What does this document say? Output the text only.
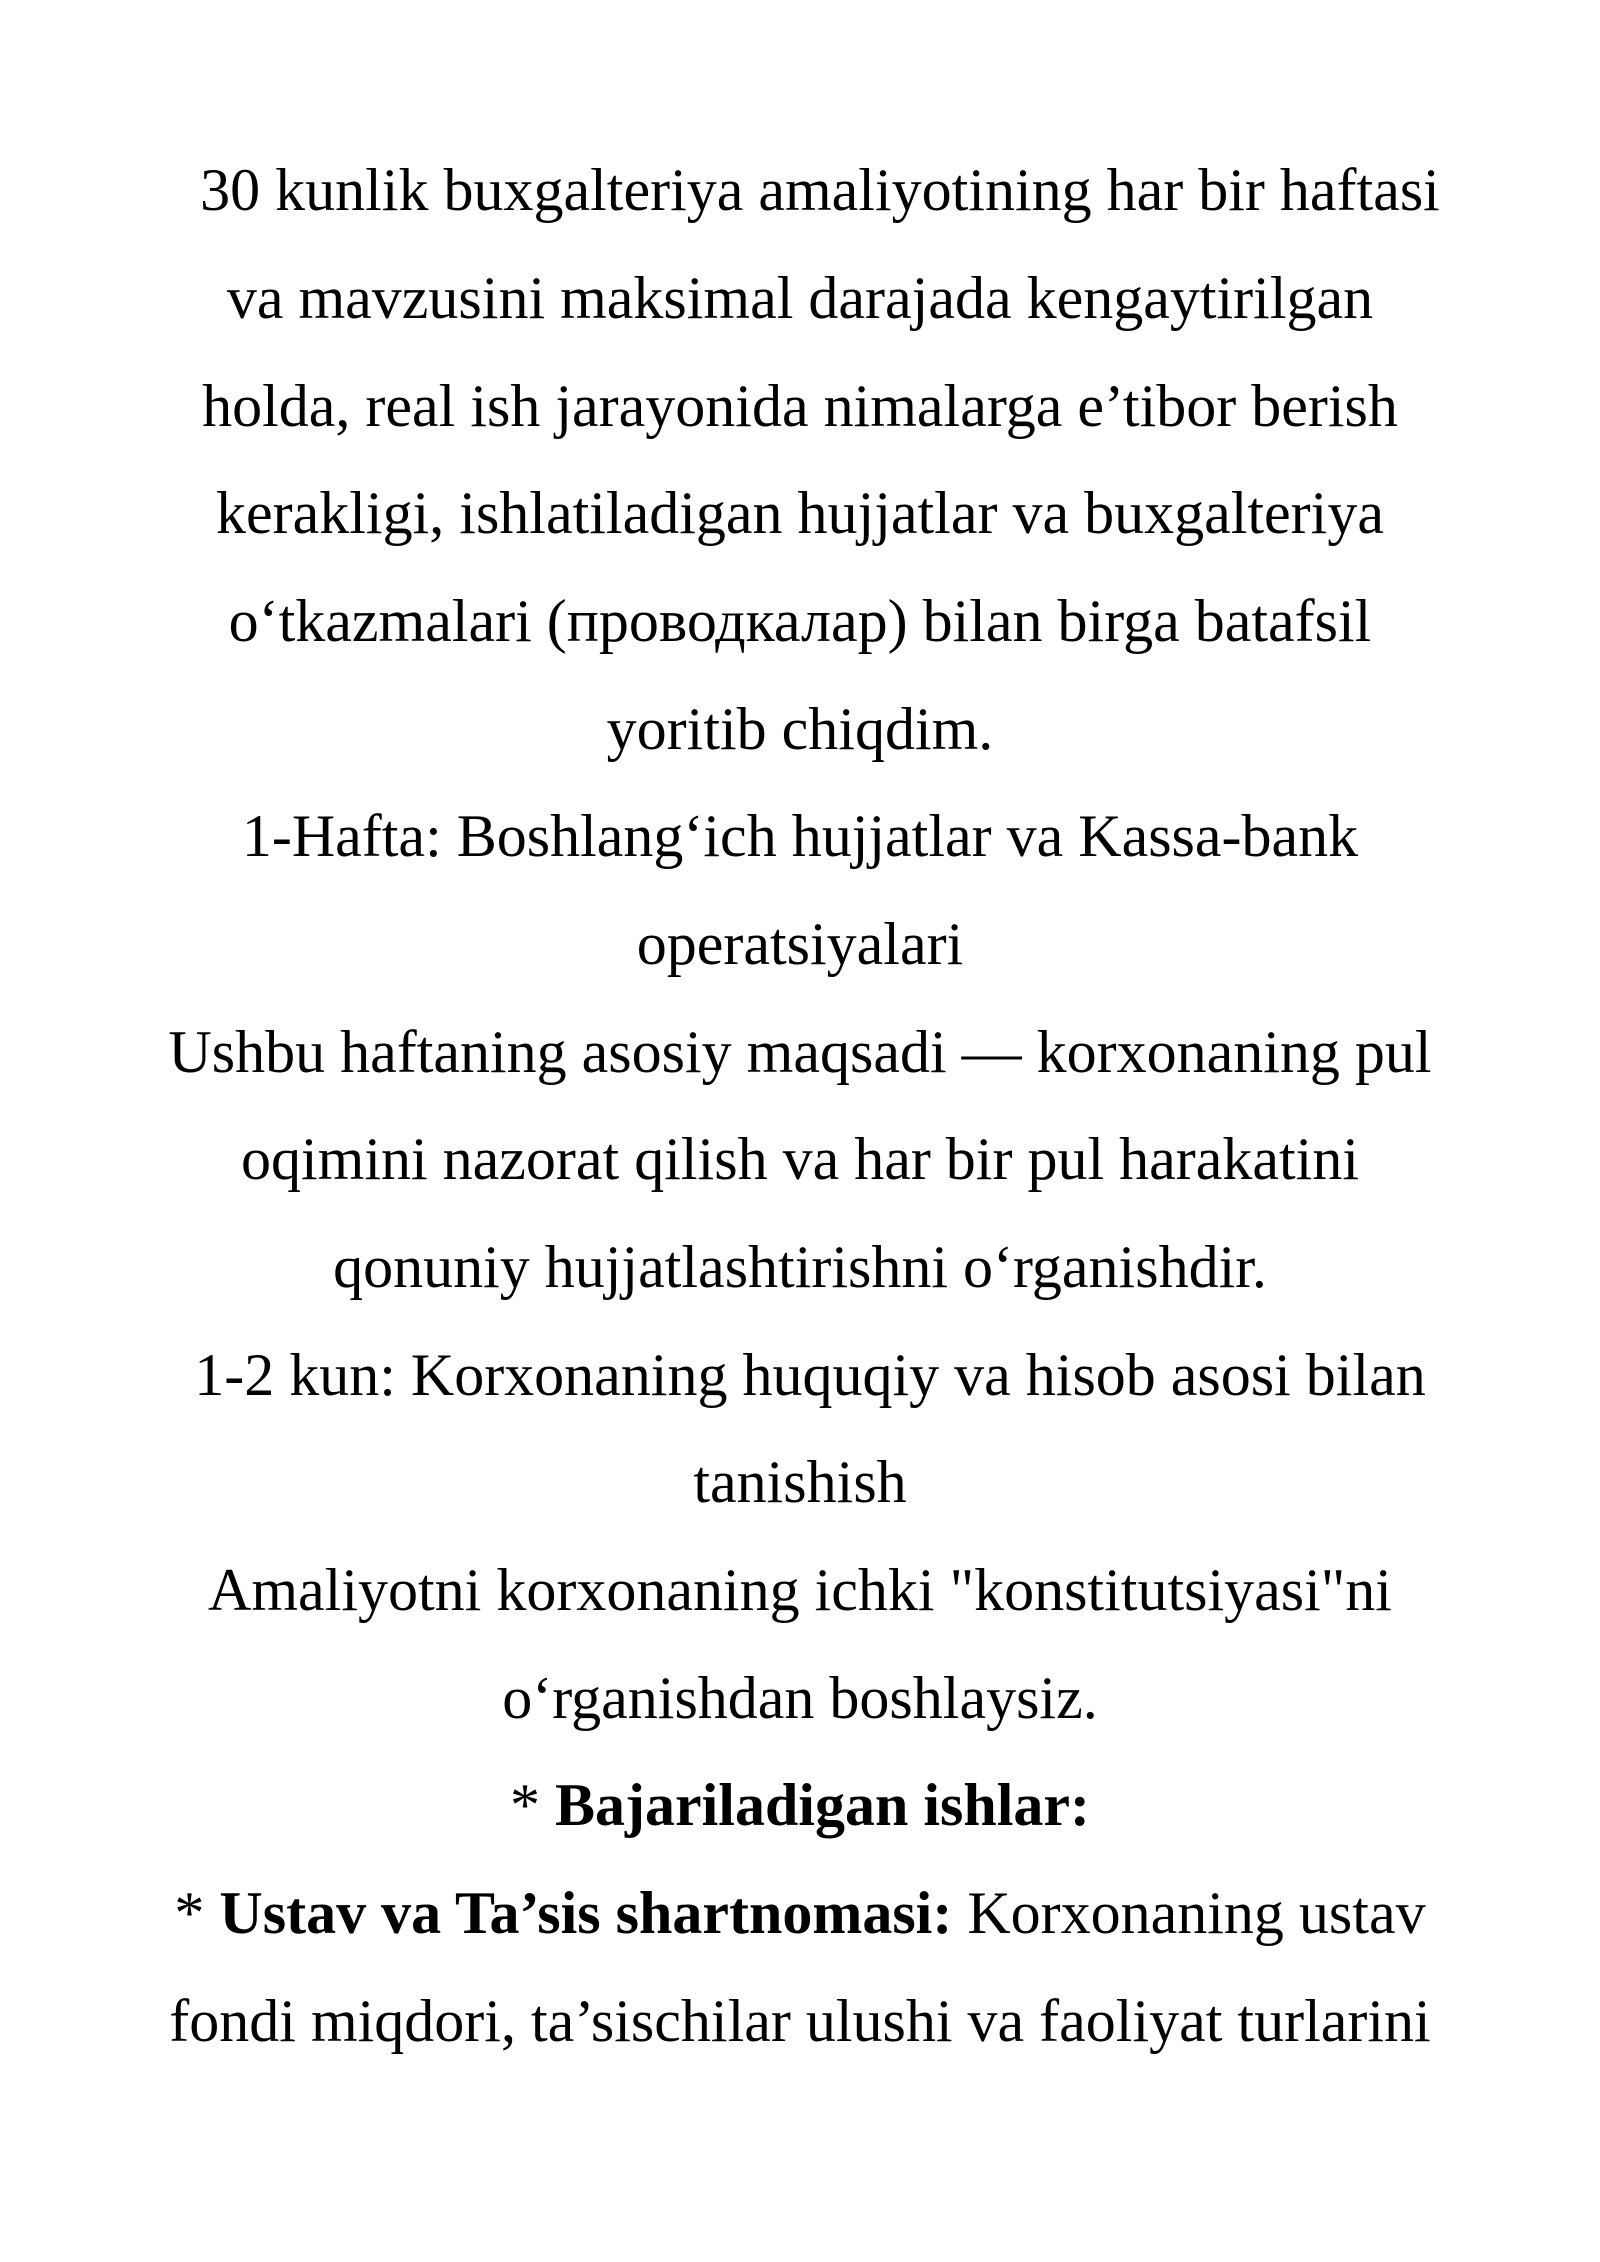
30 kunlik buxgalteriya amaliyotining har bir haftasi
va mavzusini maksimal darajada kengaytirilgan
holda, real ish jarayonida nimalarga e’tibor berish
kerakligi, ishlatiladigan hujjatlar va buxgalteriya
o‘tkazmalari (проводкалар) bilan birga batafsil
yoritib chiqdim.
1-Hafta: Boshlang‘ich hujjatlar va Kassa-bank
operatsiyalari
Ushbu haftaning asosiy maqsadi — korxonaning pul
oqimini nazorat qilish va har bir pul harakatini
qonuniy hujjatlashtirishni o‘rganishdir.
1-2 kun: Korxonaning huquqiy va hisob asosi bilan
tanishish
Amaliyotni korxonaning ichki "konstitutsiyasi"ni
o‘rganishdan boshlaysiz.
* Bajariladigan ishlar:
* Ustav va Ta’sis shartnomasi: Korxonaning ustav
fondi miqdori, ta’sischilar ulushi va faoliyat turlarini
